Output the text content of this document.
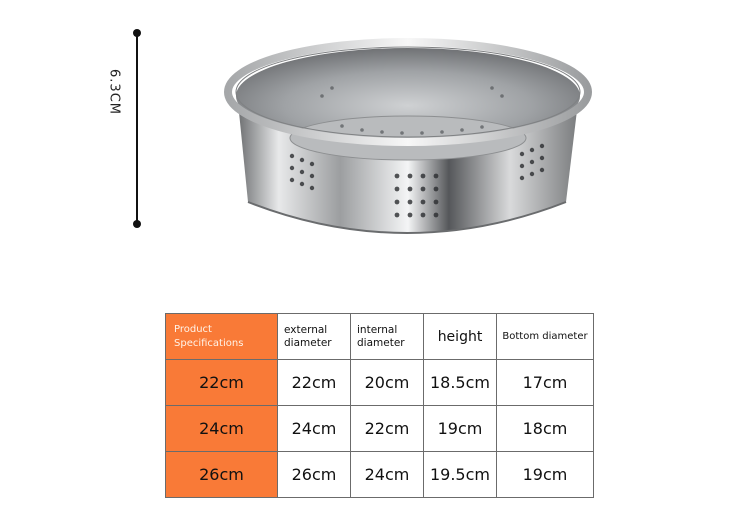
6.3CM
Product Specifications	external diameter	internal diameter	height	Bottom diameter
22cm	22cm	20cm	18.5cm	17cm
24cm	24cm	22cm	19cm	18cm
26cm	26cm	24cm	19.5cm	19cm
